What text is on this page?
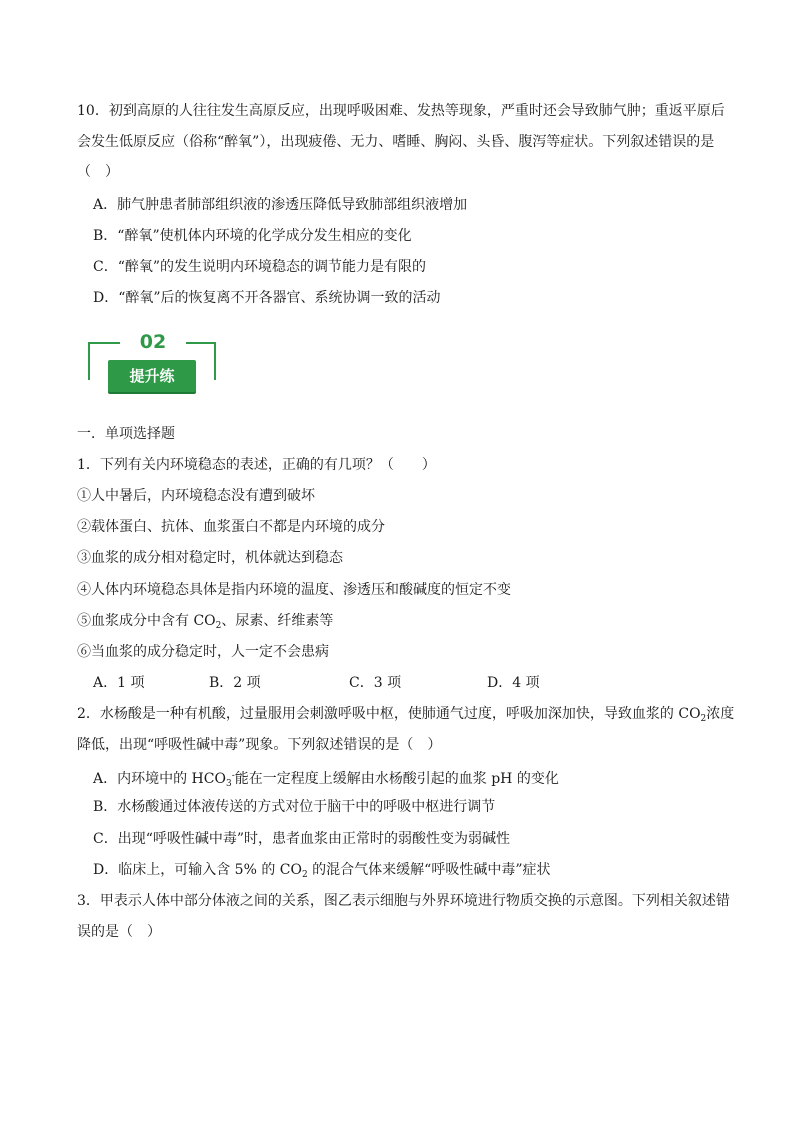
10．初到高原的人往往发生高原反应，出现呼吸困难、发热等现象，严重时还会导致肺气肿；重返平原后
会发生低原反应（俗称“醉氧”），出现疲倦、无力、嗜睡、胸闷、头昏、腹泻等症状。下列叙述错误的是
（　）
A．肺气肿患者肺部组织液的渗透压降低导致肺部组织液增加
B．“醉氧”使机体内环境的化学成分发生相应的变化
C．“醉氧”的发生说明内环境稳态的调节能力是有限的
D．“醉氧”后的恢复离不开各器官、系统协调一致的活动
02
提升练
一．单项选择题
1．下列有关内环境稳态的表述，正确的有几项？（　　）
①人中暑后，内环境稳态没有遭到破坏
②载体蛋白、抗体、血浆蛋白不都是内环境的成分
③血浆的成分相对稳定时，机体就达到稳态
④人体内环境稳态具体是指内环境的温度、渗透压和酸碱度的恒定不变
⑤血浆成分中含有 $CO_2$、尿素、纤维素等
⑥当血浆的成分稳定时，人一定不会患病
A．1 项	B．2 项	C．3 项	D．4 项
2．水杨酸是一种有机酸，过量服用会刺激呼吸中枢，使肺通气过度，呼吸加深加快，导致血浆的 $CO_2$浓度
降低，出现“呼吸性碱中毒”现象。下列叙述错误的是（　）
A．内环境中的 $HCO_3^-$能在一定程度上缓解由水杨酸引起的血浆 pH 的变化
B．水杨酸通过体液传送的方式对位于脑干中的呼吸中枢进行调节
C．出现“呼吸性碱中毒”时，患者血浆由正常时的弱酸性变为弱碱性
D．临床上，可输入含 5% 的 $CO_2$ 的混合气体来缓解“呼吸性碱中毒”症状
3．甲表示人体中部分体液之间的关系，图乙表示细胞与外界环境进行物质交换的示意图。下列相关叙述错
误的是（　）
